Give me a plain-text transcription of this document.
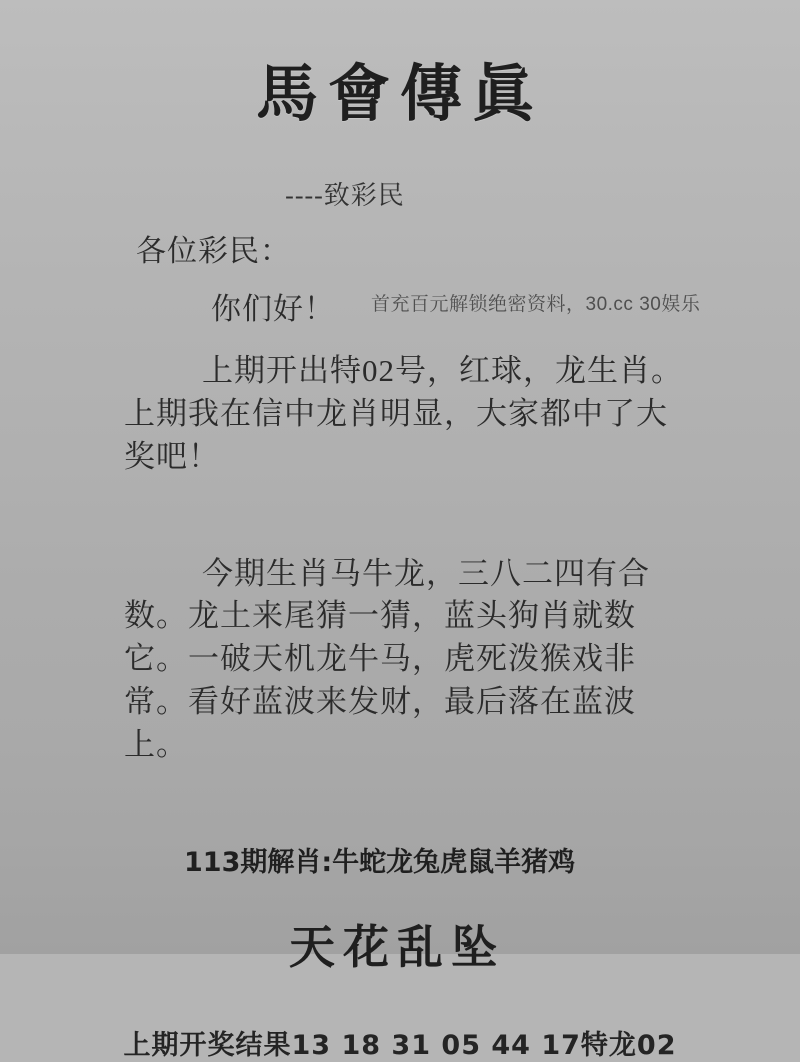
馬會傳眞

----致彩民

各位彩民：

你们好！	首充百元解锁绝密资料，30.cc 30娱乐

上期开出特02号，红球，龙生肖。上期我在信中龙肖明显，大家都中了大奖吧！

今期生肖马牛龙，三八二四有合数。龙土来尾猜一猜，蓝头狗肖就数它。一破天机龙牛马，虎死泼猴戏非常。看好蓝波来发财，最后落在蓝波上。

113期解肖:牛蛇龙兔虎鼠羊猪鸡

天花乱坠

上期开奖结果13 18 31 05 44 17特龙02
